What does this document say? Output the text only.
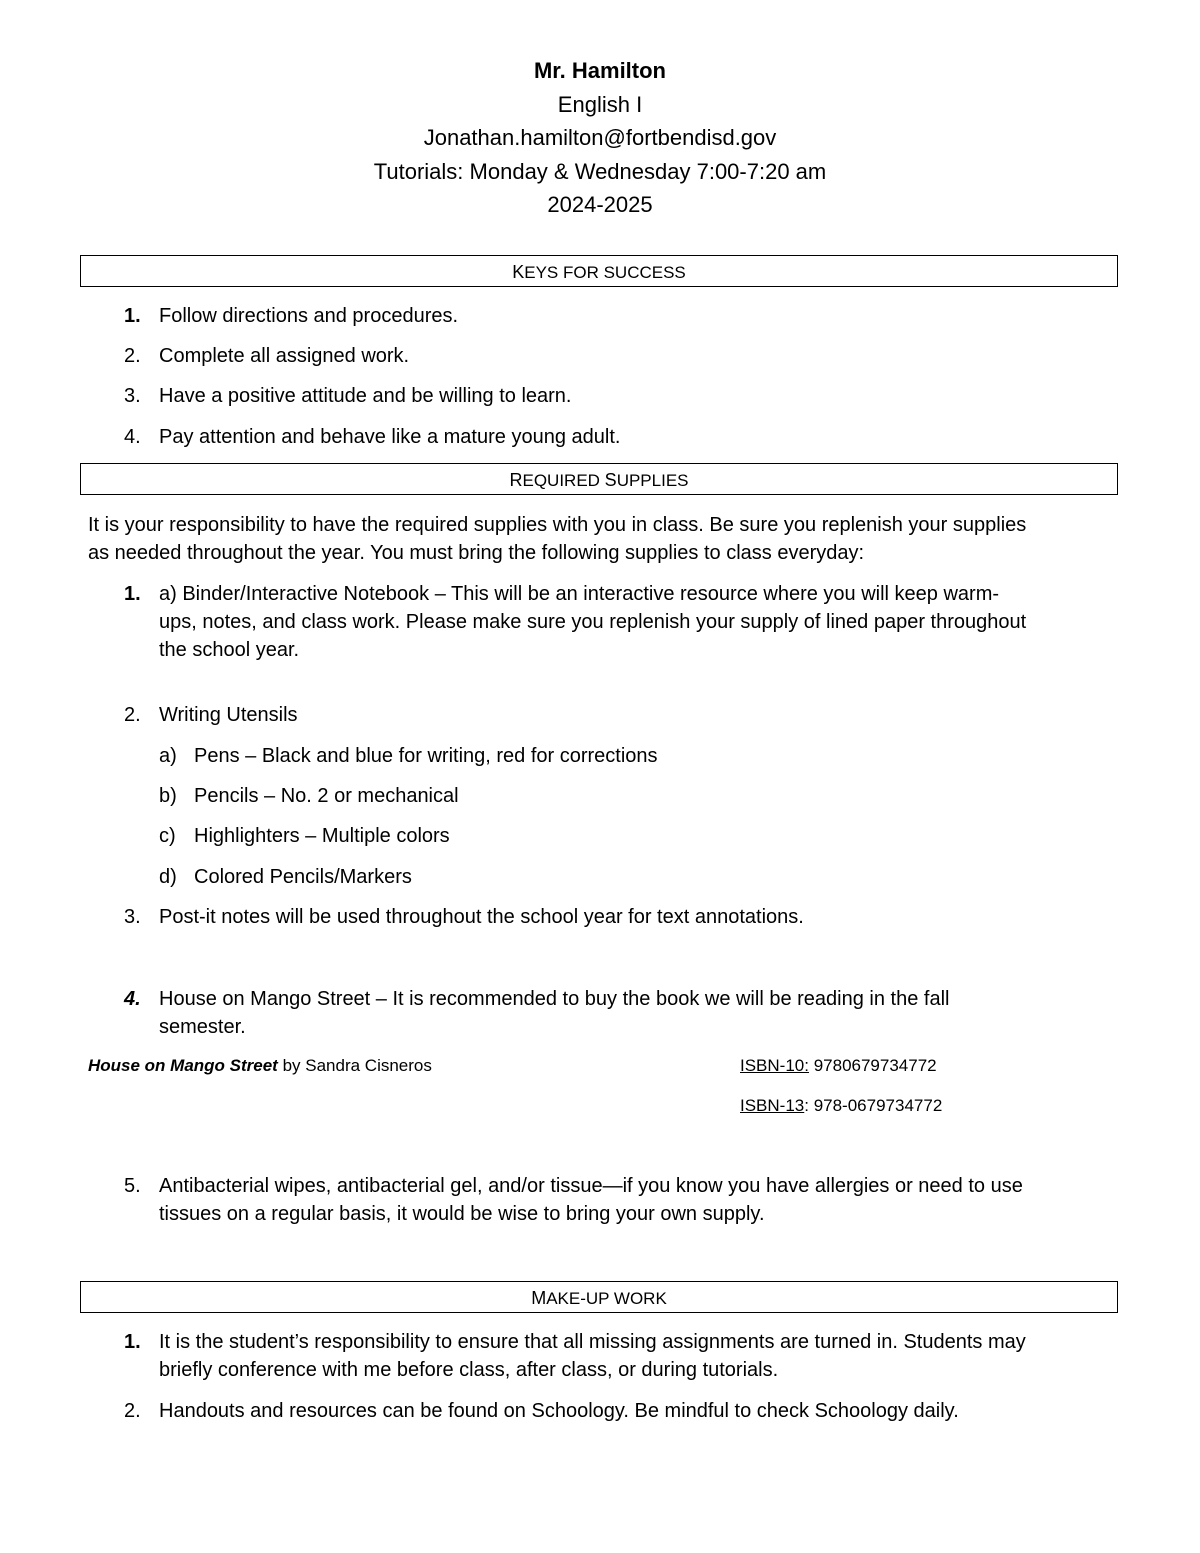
Mr. Hamilton
English I
Jonathan.hamilton@fortbendisd.gov
Tutorials: Monday & Wednesday 7:00-7:20 am
2024-2025
KEYS FOR SUCCESS
1. Follow directions and procedures.
2. Complete all assigned work.
3. Have a positive attitude and be willing to learn.
4. Pay attention and behave like a mature young adult.
REQUIRED SUPPLIES
It is your responsibility to have the required supplies with you in class. Be sure you replenish your supplies
as needed throughout the year. You must bring the following supplies to class everyday:
1. a) Binder/Interactive Notebook – This will be an interactive resource where you will keep warm-
ups, notes, and class work. Please make sure you replenish your supply of lined paper throughout
the school year.
2. Writing Utensils
a) Pens – Black and blue for writing, red for corrections
b) Pencils – No. 2 or mechanical
c) Highlighters – Multiple colors
d) Colored Pencils/Markers
3. Post-it notes will be used throughout the school year for text annotations.
4. House on Mango Street – It is recommended to buy the book we will be reading in the fall
semester.
House on Mango Street by Sandra Cisneros	ISBN-10: 9780679734772
ISBN-13: 978-0679734772
5. Antibacterial wipes, antibacterial gel, and/or tissue—if you know you have allergies or need to use
tissues on a regular basis, it would be wise to bring your own supply.
MAKE-UP WORK
1. It is the student’s responsibility to ensure that all missing assignments are turned in. Students may
briefly conference with me before class, after class, or during tutorials.
2. Handouts and resources can be found on Schoology. Be mindful to check Schoology daily.
